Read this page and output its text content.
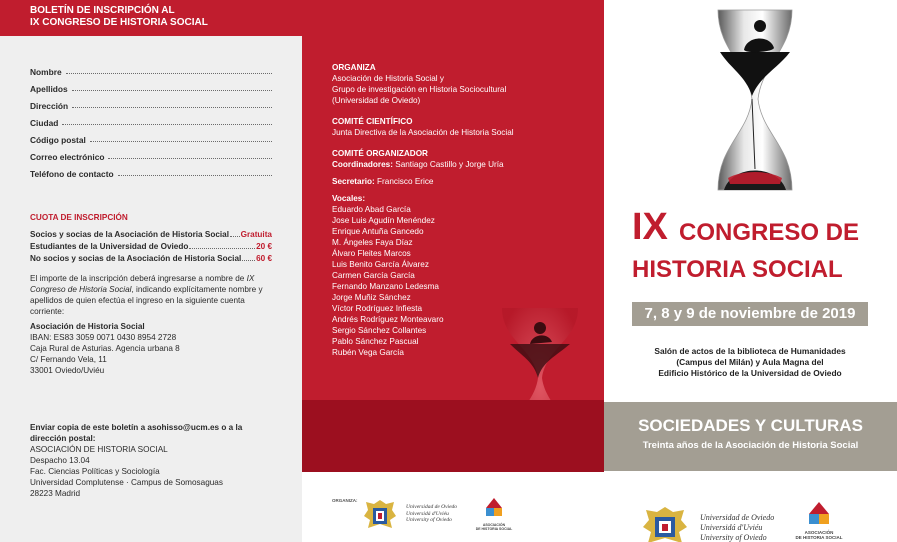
BOLETÍN DE INSCRIPCIÓN AL
IX CONGRESO DE HISTORIA SOCIAL
Nombre
Apellidos
Dirección
Ciudad
Código postal
Correo electrónico
Teléfono de contacto
CUOTA DE INSCRIPCIÓN
Socios y socias de la Asociación de Historia Social Gratuita
Estudiantes de la Universidad de Oviedo	20 €
No socios y socias de la Asociación de Historia Social 60 €
El importe de la inscripción deberá ingresarse a nombre de IX Congreso de Historia Social, indicando explícitamente nombre y apellidos de quien efectúa el ingreso en la siguiente cuenta corriente:
Asociación de Historia Social
IBAN: ES83 3059 0071 0430 8954 2728
Caja Rural de Asturias. Agencia urbana 8
C/ Fernando Vela, 11
33001 Oviedo/Uviéu
Enviar copia de este boletín a asohisso@ucm.es o a la dirección postal:
ASOCIACIÓN DE HISTORIA SOCIAL
Despacho 13.04
Fac. Ciencias Políticas y Sociología
Universidad Complutense · Campus de Somosaguas
28223 Madrid
ORGANIZA
Asociación de Historia Social y
Grupo de investigación en Historia Sociocultural
(Universidad de Oviedo)
COMITÉ CIENTÍFICO
Junta Directiva de la Asociación de Historia Social
COMITÉ ORGANIZADOR
Coordinadores: Santiago Castillo y Jorge Uría
Secretario: Francisco Erice
Vocales:
Eduardo Abad García
Jose Luis Agudín Menéndez
Enrique Antuña Gancedo
M. Ángeles Faya Díaz
Álvaro Fleites Marcos
Luis Benito García Álvarez
Carmen García García
Fernando Manzano Ledesma
Jorge Muñiz Sánchez
Víctor Rodríguez Infiesta
Andrés Rodríguez Monteavaro
Sergio Sánchez Collantes
Pablo Sánchez Pascual
Rubén Vega García
ORGANIZA:
Universidad de Oviedo
Universidá d'Uviéu
University of Oviedo
ASOCIACIÓN
DE HISTORIA SOCIAL
IX CONGRESO DE
HISTORIA SOCIAL
7, 8 y 9 de noviembre de 2019
Salón de actos de la biblioteca de Humanidades
(Campus del Milán) y Aula Magna del
Edificio Histórico de la Universidad de Oviedo
SOCIEDADES Y CULTURAS
Treinta años de la Asociación de Historia Social
Universidad de Oviedo
Universidá d'Uviéu
University of Oviedo
ASOCIACIÓN
DE HISTORIA SOCIAL
